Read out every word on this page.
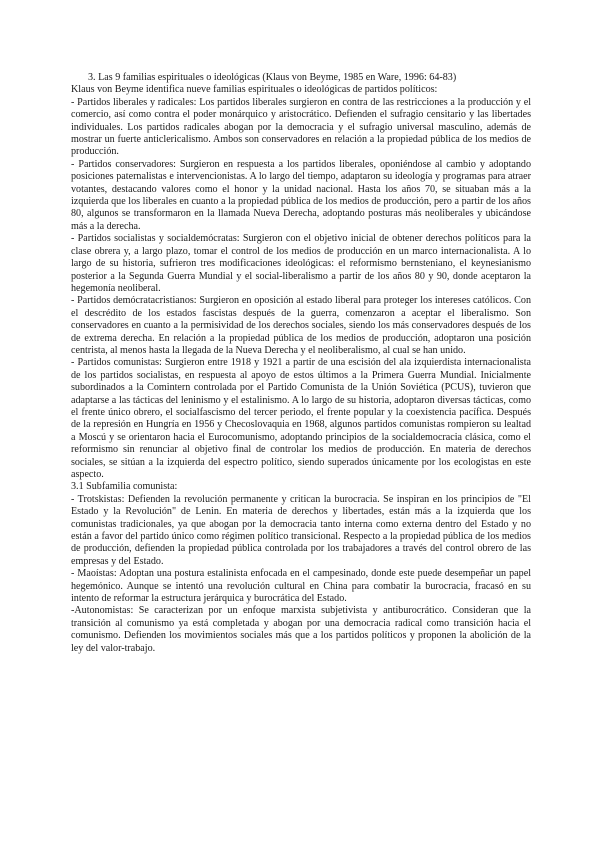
3. Las 9 familias espirituales o ideológicas (Klaus von Beyme, 1985 en Ware, 1996: 64-83)

Klaus von Beyme identifica nueve familias espirituales o ideológicas de partidos políticos:

- Partidos liberales y radicales: Los partidos liberales surgieron en contra de las restricciones a la producción y el comercio, así como contra el poder monárquico y aristocrático. Defienden el sufragio censitario y las libertades individuales. Los partidos radicales abogan por la democracia y el sufragio universal masculino, además de mostrar un fuerte anticlericalismo. Ambos son conservadores en relación a la propiedad pública de los medios de producción.

- Partidos conservadores: Surgieron en respuesta a los partidos liberales, oponiéndose al cambio y adoptando posiciones paternalistas e intervencionistas. A lo largo del tiempo, adaptaron su ideología y programas para atraer votantes, destacando valores como el honor y la unidad nacional. Hasta los años 70, se situaban más a la izquierda que los liberales en cuanto a la propiedad pública de los medios de producción, pero a partir de los años 80, algunos se transformaron en la llamada Nueva Derecha, adoptando posturas más neoliberales y ubicándose más a la derecha.

- Partidos socialistas y socialdemócratas: Surgieron con el objetivo inicial de obtener derechos políticos para la clase obrera y, a largo plazo, tomar el control de los medios de producción en un marco internacionalista. A lo largo de su historia, sufrieron tres modificaciones ideológicas: el reformismo bernsteniano, el keynesianismo posterior a la Segunda Guerra Mundial y el social-liberalismo a partir de los años 80 y 90, donde aceptaron la hegemonía neoliberal.

- Partidos demócratacristianos: Surgieron en oposición al estado liberal para proteger los intereses católicos. Con el descrédito de los estados fascistas después de la guerra, comenzaron a aceptar el liberalismo. Son conservadores en cuanto a la permisividad de los derechos sociales, siendo los más conservadores después de los de extrema derecha. En relación a la propiedad pública de los medios de producción, adoptaron una posición centrista, al menos hasta la llegada de la Nueva Derecha y el neoliberalismo, al cual se han unido.

- Partidos comunistas: Surgieron entre 1918 y 1921 a partir de una escisión del ala izquierdista internacionalista de los partidos socialistas, en respuesta al apoyo de estos últimos a la Primera Guerra Mundial. Inicialmente subordinados a la Comintern controlada por el Partido Comunista de la Unión Soviética (PCUS), tuvieron que adaptarse a las tácticas del leninismo y el estalinismo. A lo largo de su historia, adoptaron diversas tácticas, como el frente único obrero, el socialfascismo del tercer periodo, el frente popular y la coexistencia pacífica. Después de la represión en Hungría en 1956 y Checoslovaquia en 1968, algunos partidos comunistas rompieron su lealtad a Moscú y se orientaron hacia el Eurocomunismo, adoptando principios de la socialdemocracia clásica, como el reformismo sin renunciar al objetivo final de controlar los medios de producción. En materia de derechos sociales, se sitúan a la izquierda del espectro político, siendo superados únicamente por los ecologistas en este aspecto.

3.1 Subfamilia comunista:

- Trotskistas: Defienden la revolución permanente y critican la burocracia. Se inspiran en los principios de "El Estado y la Revolución" de Lenin. En materia de derechos y libertades, están más a la izquierda que los comunistas tradicionales, ya que abogan por la democracia tanto interna como externa dentro del Estado y no están a favor del partido único como régimen político transicional. Respecto a la propiedad pública de los medios de producción, defienden la propiedad pública controlada por los trabajadores a través del control obrero de las empresas y del Estado.

- Maoístas: Adoptan una postura estalinista enfocada en el campesinado, donde este puede desempeñar un papel hegemónico. Aunque se intentó una revolución cultural en China para combatir la burocracia, fracasó en su intento de reformar la estructura jerárquica y burocrática del Estado.

-Autonomistas: Se caracterizan por un enfoque marxista subjetivista y antiburocrático. Consideran que la transición al comunismo ya está completada y abogan por una democracia radical como transición hacia el comunismo. Defienden los movimientos sociales más que a los partidos políticos y proponen la abolición de la ley del valor-trabajo.
